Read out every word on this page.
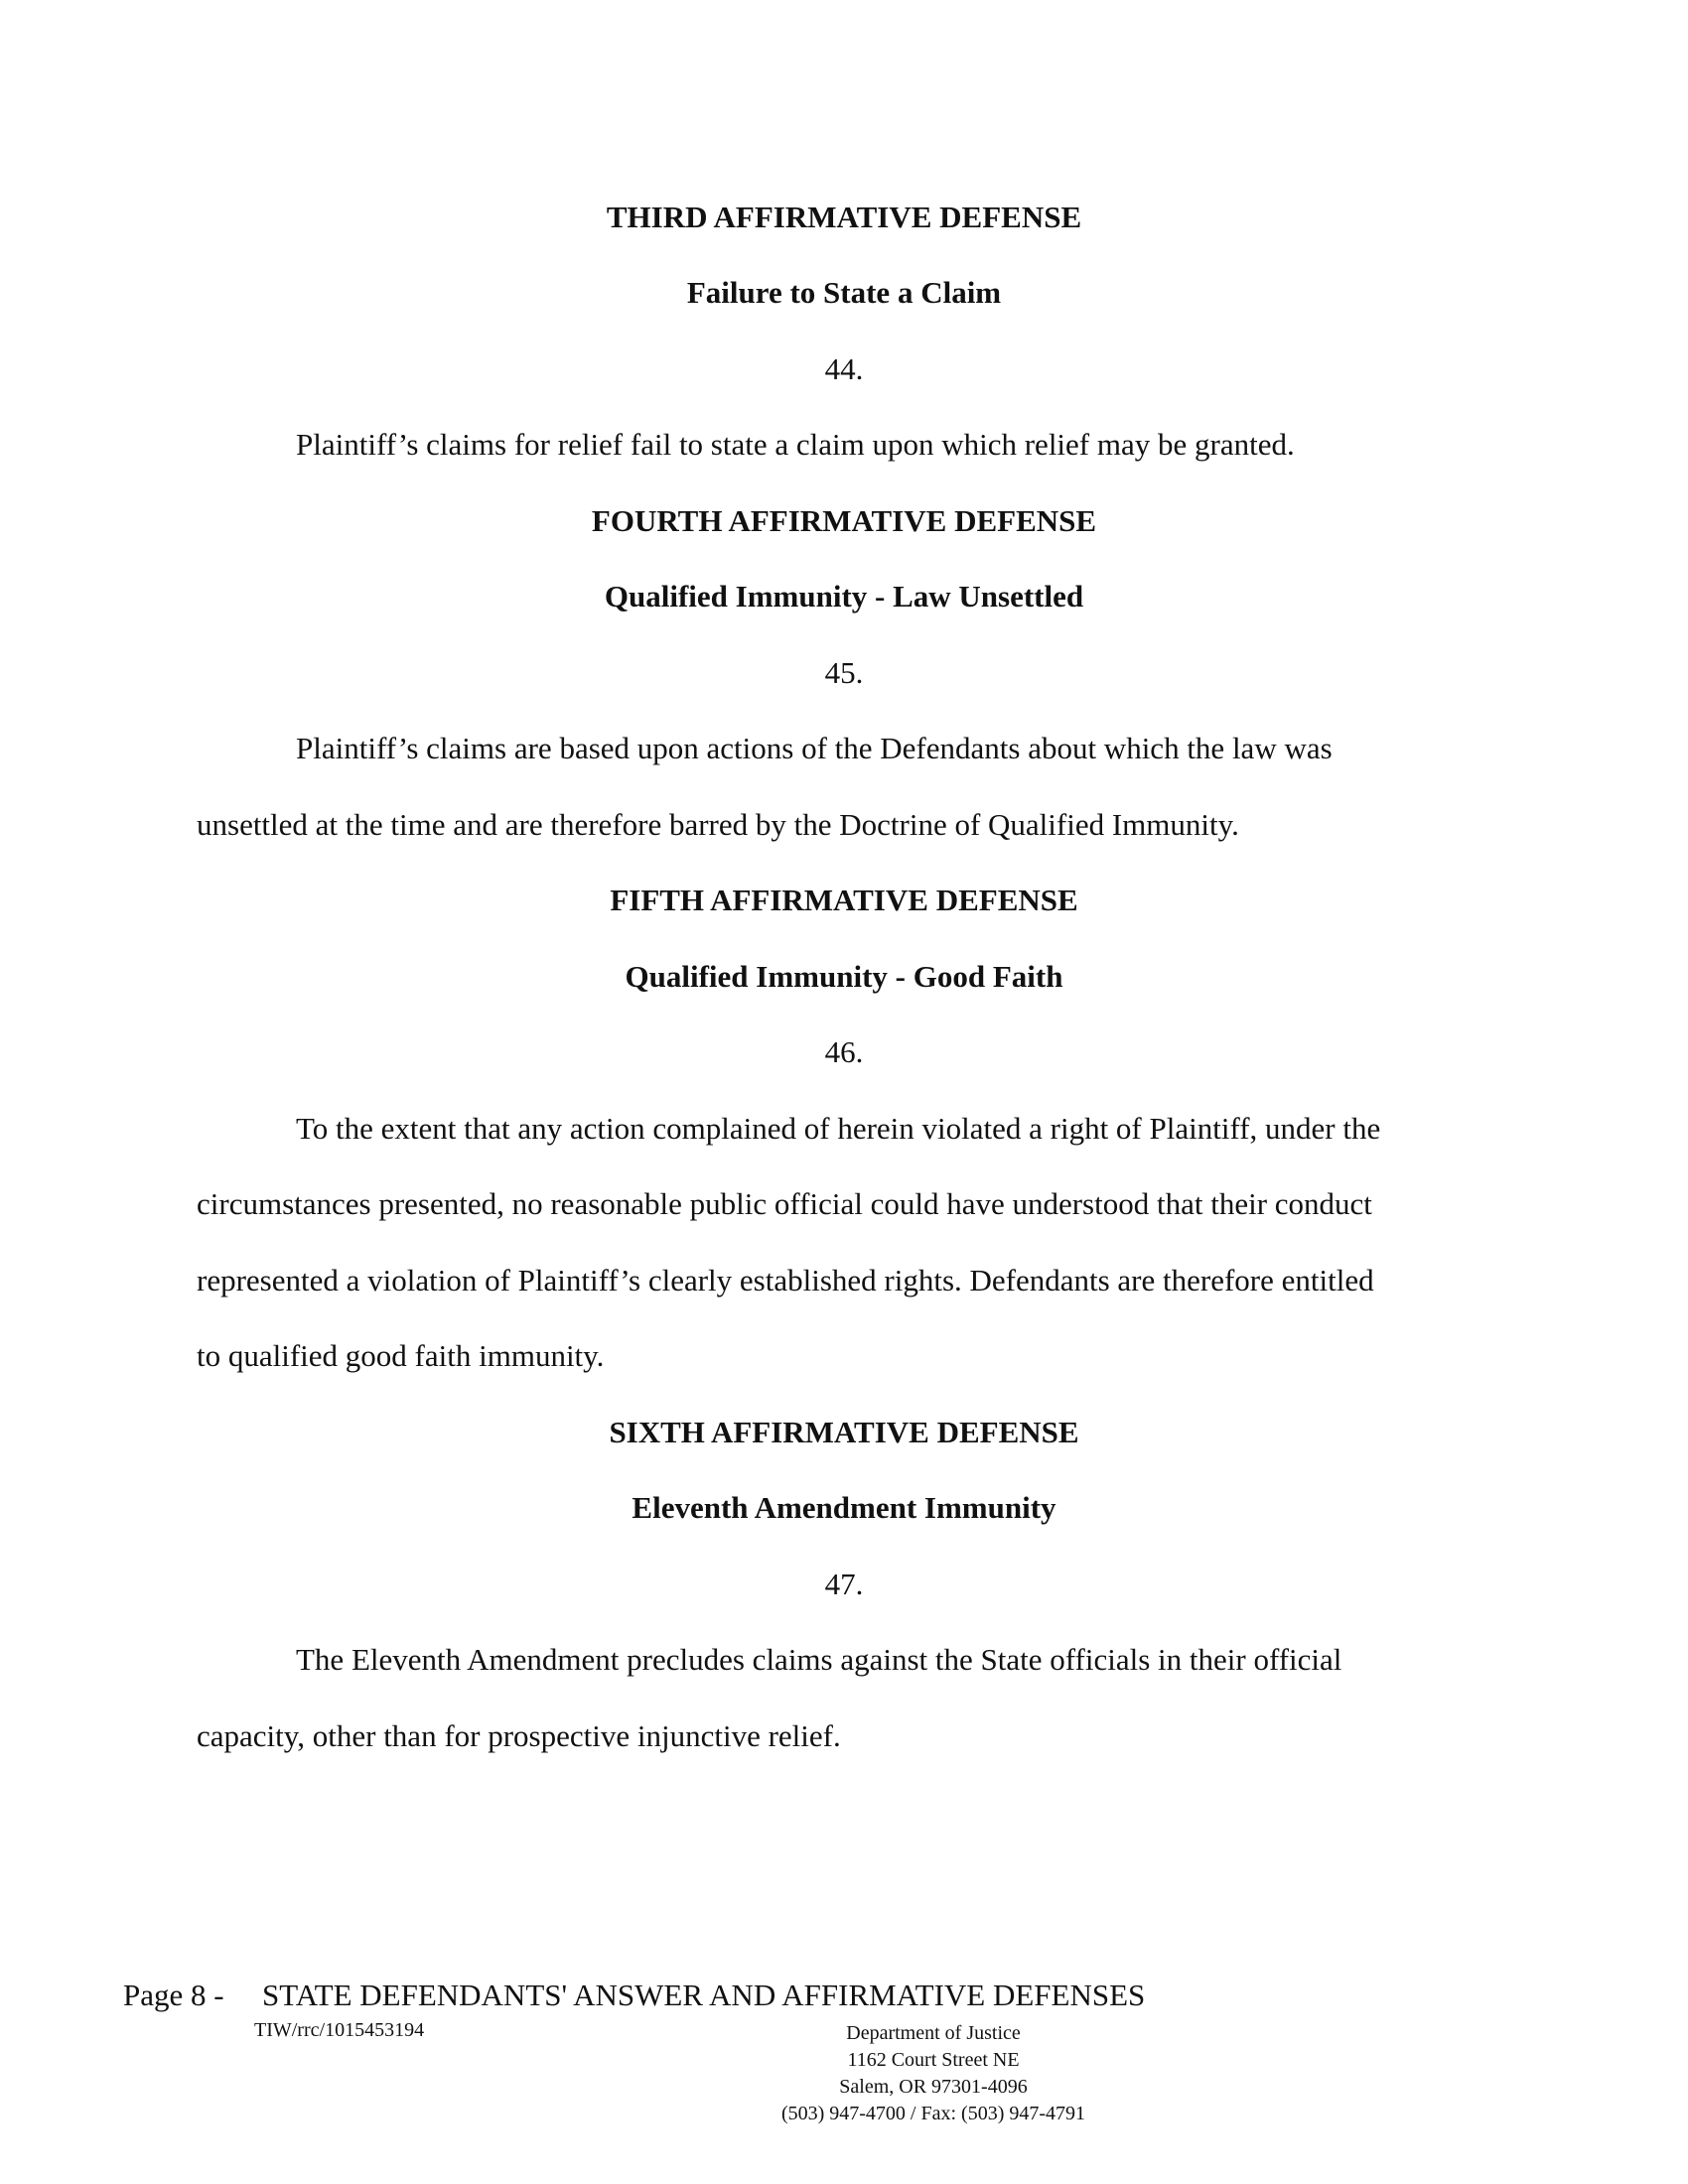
THIRD AFFIRMATIVE DEFENSE
Failure to State a Claim
44.
Plaintiff’s claims for relief fail to state a claim upon which relief may be granted.
FOURTH AFFIRMATIVE DEFENSE
Qualified Immunity - Law Unsettled
45.
Plaintiff’s claims are based upon actions of the Defendants about which the law was
unsettled at the time and are therefore barred by the Doctrine of Qualified Immunity.
FIFTH AFFIRMATIVE DEFENSE
Qualified Immunity - Good Faith
46.
To the extent that any action complained of herein violated a right of Plaintiff, under the
circumstances presented, no reasonable public official could have understood that their conduct
represented a violation of Plaintiff’s clearly established rights. Defendants are therefore entitled
to qualified good faith immunity.
SIXTH AFFIRMATIVE DEFENSE
Eleventh Amendment Immunity
47.
The Eleventh Amendment precludes claims against the State officials in their official
capacity, other than for prospective injunctive relief.
Page 8 - STATE DEFENDANTS' ANSWER AND AFFIRMATIVE DEFENSES
TIW/rrc/1015453194	Department of Justice
1162 Court Street NE
Salem, OR 97301-4096
(503) 947-4700 / Fax: (503) 947-4791
